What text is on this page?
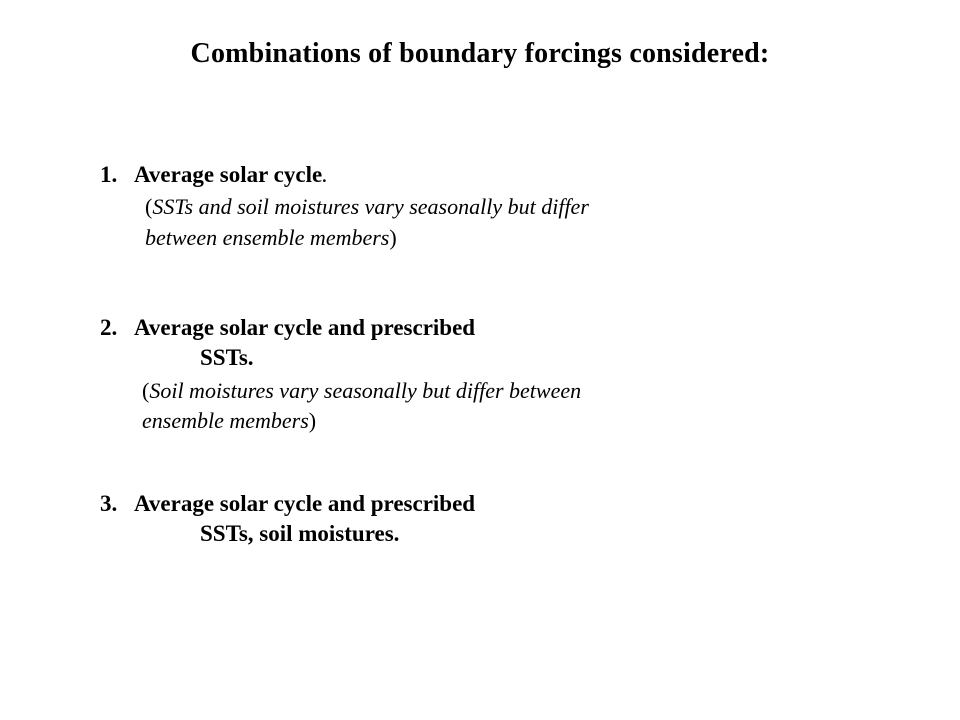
Combinations of boundary forcings considered:
1. Average solar cycle.
(SSTs and soil moistures vary seasonally but differ between ensemble members)
2. Average solar cycle and prescribed
SSTs.
(Soil moistures vary seasonally but differ between ensemble members)
3. Average solar cycle and prescribed
SSTs, soil moistures.
